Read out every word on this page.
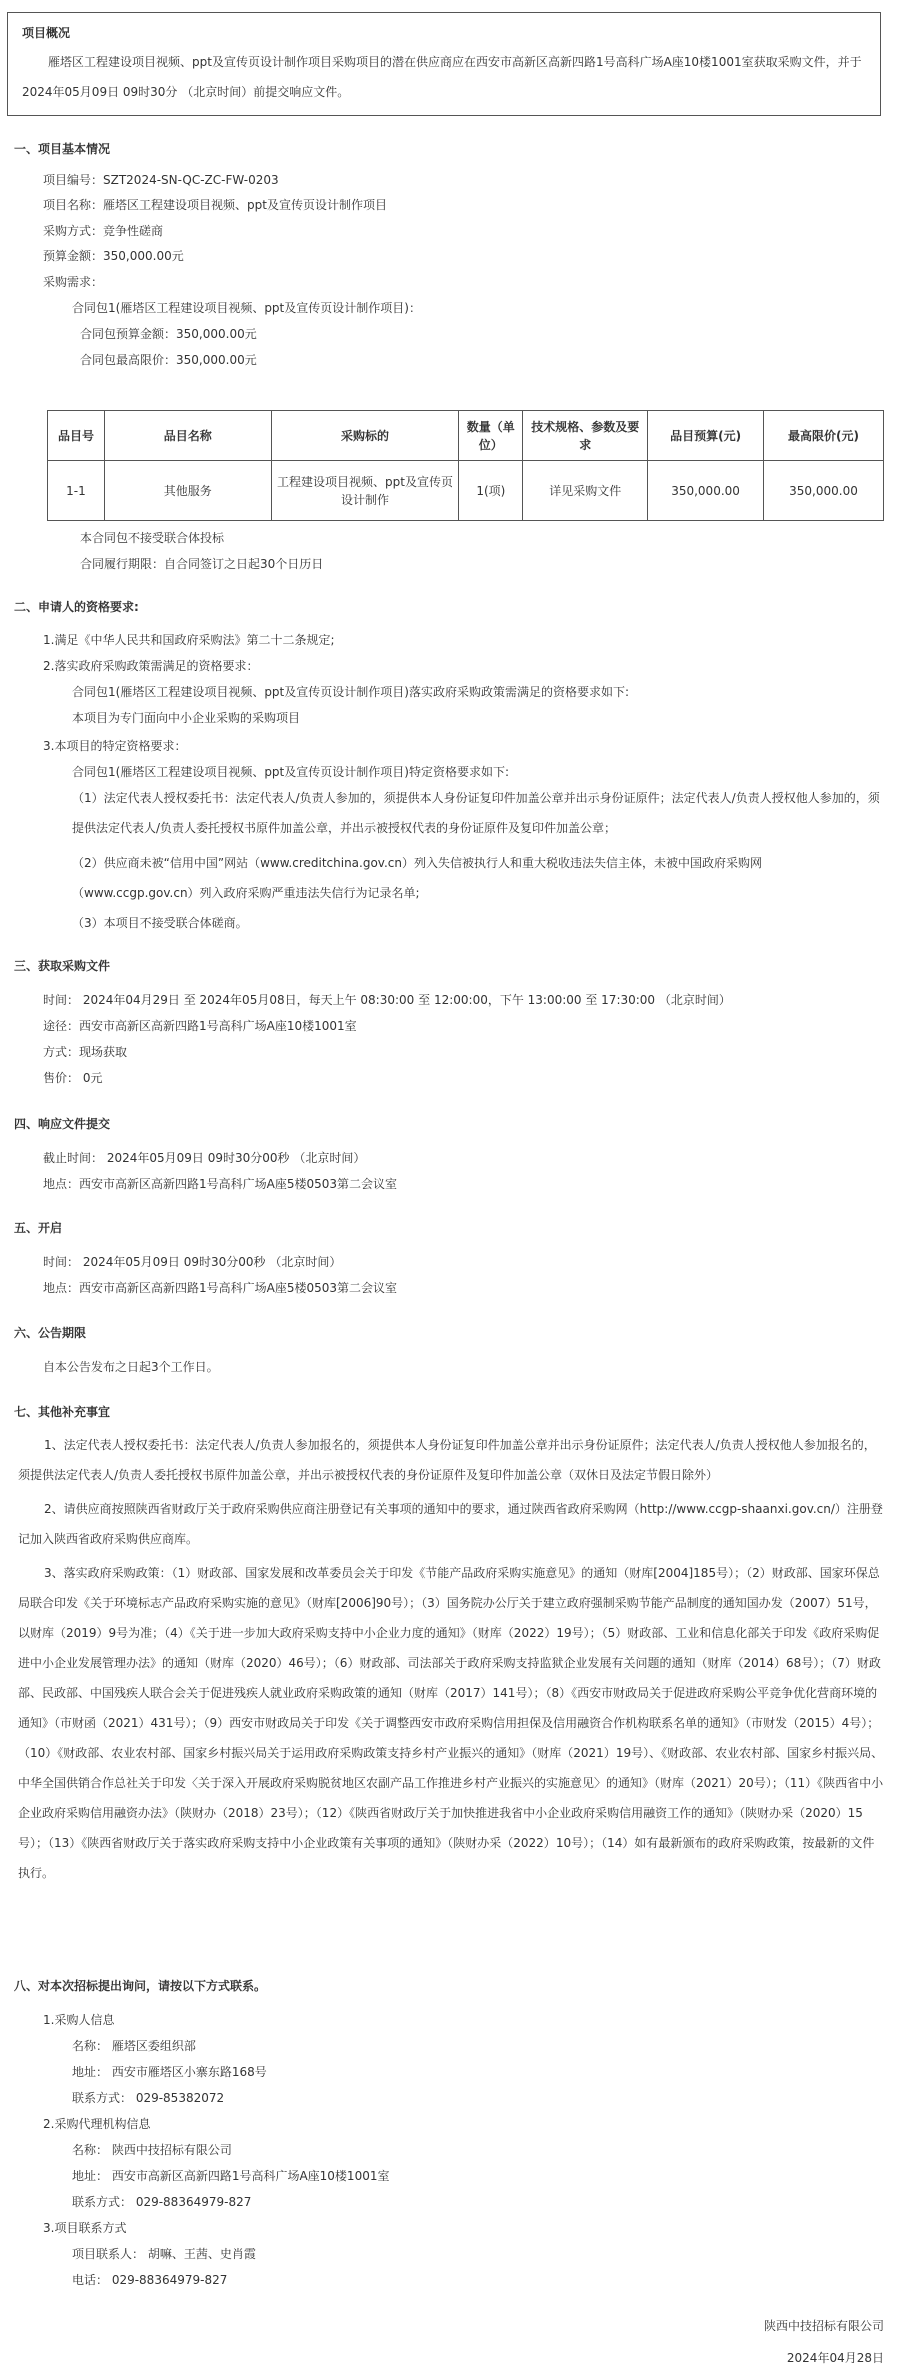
项目概况
雁塔区工程建设项目视频、ppt及宣传页设计制作项目采购项目的潜在供应商应在西安市高新区高新四路1号高科广场A座10楼1001室获取采购文件，并于 2024年05月09日 09时30分 （北京时间）前提交响应文件。
一、项目基本情况
项目编号：SZT2024-SN-QC-ZC-FW-0203
项目名称：雁塔区工程建设项目视频、ppt及宣传页设计制作项目
采购方式：竞争性磋商
预算金额：350,000.00元
采购需求：
合同包1(雁塔区工程建设项目视频、ppt及宣传页设计制作项目)：
合同包预算金额：350,000.00元
合同包最高限价：350,000.00元
品目号	品目名称	采购标的	数量（单位）	技术规格、参数及要求	品目预算(元)	最高限价(元)
1-1	其他服务	工程建设项目视频、ppt及宣传页设计制作	1(项)	详见采购文件	350,000.00	350,000.00
本合同包不接受联合体投标
合同履行期限：自合同签订之日起30个日历日
二、申请人的资格要求:
1.满足《中华人民共和国政府采购法》第二十二条规定;
2.落实政府采购政策需满足的资格要求：
合同包1(雁塔区工程建设项目视频、ppt及宣传页设计制作项目)落实政府采购政策需满足的资格要求如下:
本项目为专门面向中小企业采购的采购项目
3.本项目的特定资格要求：
合同包1(雁塔区工程建设项目视频、ppt及宣传页设计制作项目)特定资格要求如下:
（1）法定代表人授权委托书：法定代表人/负责人参加的，须提供本人身份证复印件加盖公章并出示身份证原件；法定代表人/负责人授权他人参加的，须提供法定代表人/负责人委托授权书原件加盖公章，并出示被授权代表的身份证原件及复印件加盖公章；
（2）供应商未被“信用中国”网站（www.creditchina.gov.cn）列入失信被执行人和重大税收违法失信主体，未被中国政府采购网（www.ccgp.gov.cn）列入政府采购严重违法失信行为记录名单;
（3）本项目不接受联合体磋商。
三、获取采购文件
时间： 2024年04月29日 至 2024年05月08日，每天上午 08:30:00 至 12:00:00，下午 13:00:00 至 17:30:00 （北京时间）
途径：西安市高新区高新四路1号高科广场A座10楼1001室
方式：现场获取
售价： 0元
四、响应文件提交
截止时间： 2024年05月09日 09时30分00秒 （北京时间）
地点：西安市高新区高新四路1号高科广场A座5楼0503第二会议室
五、开启
时间： 2024年05月09日 09时30分00秒 （北京时间）
地点：西安市高新区高新四路1号高科广场A座5楼0503第二会议室
六、公告期限
自本公告发布之日起3个工作日。
七、其他补充事宜
1、法定代表人授权委托书：法定代表人/负责人参加报名的，须提供本人身份证复印件加盖公章并出示身份证原件；法定代表人/负责人授权他人参加报名的，须提供法定代表人/负责人委托授权书原件加盖公章，并出示被授权代表的身份证原件及复印件加盖公章（双休日及法定节假日除外）
2、请供应商按照陕西省财政厅关于政府采购供应商注册登记有关事项的通知中的要求，通过陕西省政府采购网（http://www.ccgp-shaanxi.gov.cn/）注册登记加入陕西省政府采购供应商库。
3、落实政府采购政策：（1）财政部、国家发展和改革委员会关于印发《节能产品政府采购实施意见》的通知（财库[2004]185号）；（2）财政部、国家环保总局联合印发《关于环境标志产品政府采购实施的意见》（财库[2006]90号）；（3）国务院办公厅关于建立政府强制采购节能产品制度的通知国办发（2007）51号，以财库（2019）9号为准；（4）《关于进一步加大政府采购支持中小企业力度的通知》（财库（2022）19号）；（5）财政部、工业和信息化部关于印发《政府采购促进中小企业发展管理办法》的通知（财库（2020）46号）；（6）财政部、司法部关于政府采购支持监狱企业发展有关问题的通知（财库（2014）68号）；（7）财政部、民政部、中国残疾人联合会关于促进残疾人就业政府采购政策的通知（财库（2017）141号）；（8）《西安市财政局关于促进政府采购公平竞争优化营商环境的通知》（市财函（2021）431号）；（9）西安市财政局关于印发《关于调整西安市政府采购信用担保及信用融资合作机构联系名单的通知》（市财发（2015）4号）；（10）《财政部、农业农村部、国家乡村振兴局关于运用政府采购政策支持乡村产业振兴的通知》（财库（2021）19号）、《财政部、农业农村部、国家乡村振兴局、中华全国供销合作总社关于印发〈关于深入开展政府采购脱贫地区农副产品工作推进乡村产业振兴的实施意见〉的通知》（财库（2021）20号）；（11）《陕西省中小企业政府采购信用融资办法》（陕财办（2018）23号）；（12）《陕西省财政厅关于加快推进我省中小企业政府采购信用融资工作的通知》（陕财办采（2020）15号）；（13）《陕西省财政厅关于落实政府采购支持中小企业政策有关事项的通知》（陕财办采（2022）10号）；（14）如有最新颁布的政府采购政策，按最新的文件执行。
八、对本次招标提出询问，请按以下方式联系。
1.采购人信息
名称： 雁塔区委组织部
地址： 西安市雁塔区小寨东路168号
联系方式： 029-85382072
2.采购代理机构信息
名称： 陕西中技招标有限公司
地址： 西安市高新区高新四路1号高科广场A座10楼1001室
联系方式： 029-88364979-827
3.项目联系方式
项目联系人： 胡嘛、王茜、史肖霞
电话： 029-88364979-827
陕西中技招标有限公司
2024年04月28日
